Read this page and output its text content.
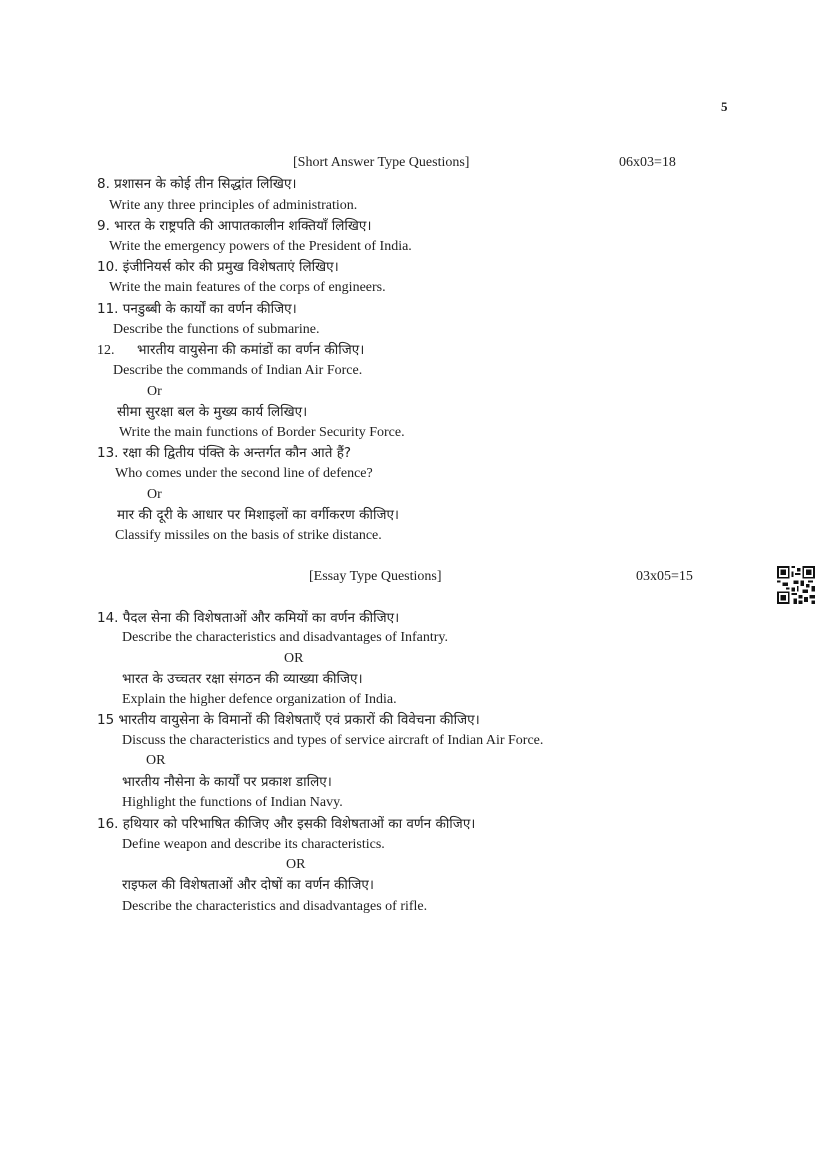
5
[Short Answer Type Questions]	06x03=18
8. प्रशासन के कोई तीन सिद्धांत लिखिए।
Write any three principles of administration.
9. भारत के राष्ट्रपति की आपातकालीन शक्तियाँ लिखिए।
Write the emergency powers of the President of India.
10. इंजीनियर्स कोर की प्रमुख विशेषताएं लिखिए।
Write the main features of the corps of engineers.
11. पनडुब्बी के कार्यों का वर्णन कीजिए।
Describe the functions of submarine.
12. भारतीय वायुसेना की कमांडों का वर्णन कीजिए।
Describe the commands of Indian Air Force.
Or
सीमा सुरक्षा बल के मुख्य कार्य लिखिए।
Write the main functions of Border Security Force.
13. रक्षा की द्वितीय पंक्ति के अन्तर्गत कौन आते हैं?
Who comes under the second line of defence?
Or
मार की दूरी के आधार पर मिशाइलों का वर्गीकरण कीजिए।
Classify missiles on the basis of strike distance.
[Essay Type Questions]	03x05=15
14. पैदल सेना की विशेषताओं और कमियों का वर्णन कीजिए।
Describe the characteristics and disadvantages of Infantry.
OR
भारत के उच्चतर रक्षा संगठन की व्याख्या कीजिए।
Explain the higher defence organization of India.
15 भारतीय वायुसेना के विमानों की विशेषताएँ एवं प्रकारों की विवेचना कीजिए।
Discuss the characteristics and types of service aircraft of Indian Air Force.
OR
भारतीय नौसेना के कार्यों पर प्रकाश डालिए।
Highlight the functions of Indian Navy.
16. हथियार को परिभाषित कीजिए और इसकी विशेषताओं का वर्णन कीजिए।
Define weapon and describe its characteristics.
OR
राइफल की विशेषताओं और दोषों का वर्णन कीजिए।
Describe the characteristics and disadvantages of rifle.
